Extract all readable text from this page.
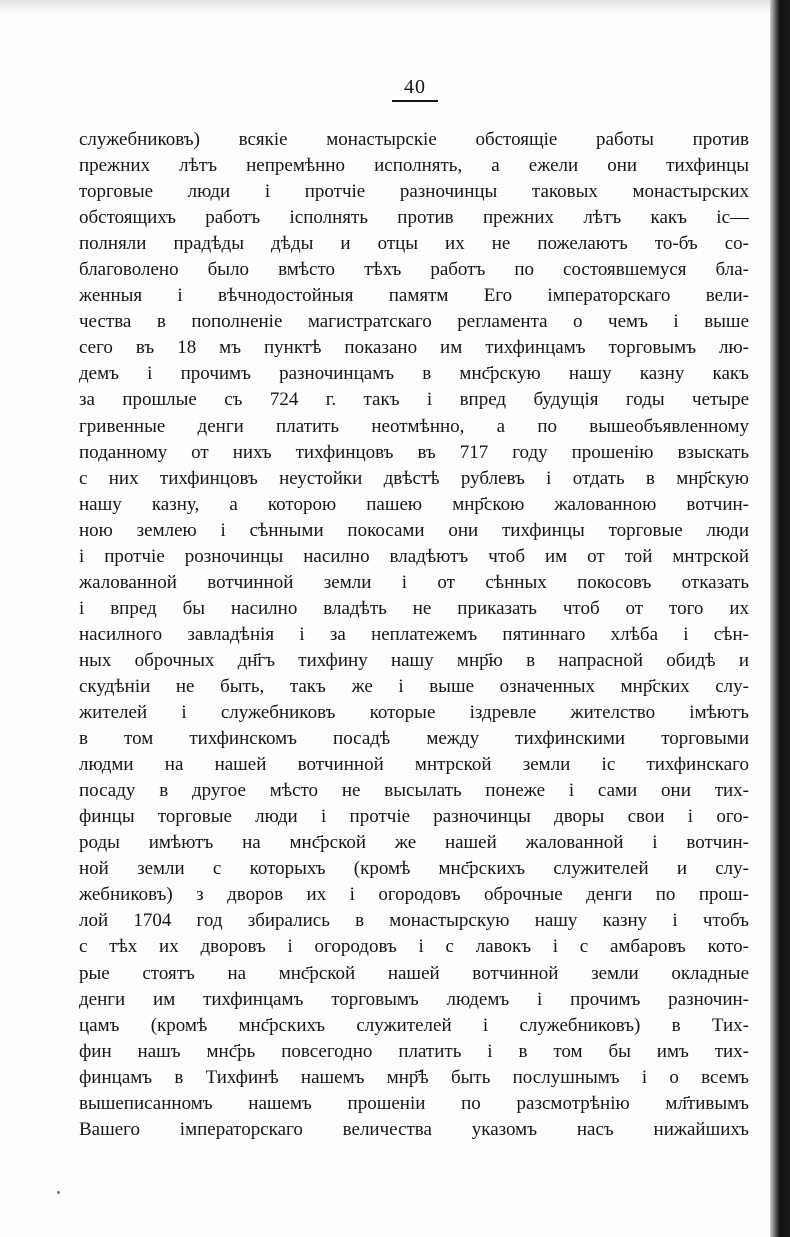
40
служебниковъ) всякіе монастырскіе обстоящіе работы против
прежних лѣтъ непремѣнно исполнять, а ежели они тихфинцы
торговые люди і протчіе разночинцы таковых монастырских
обстоящихъ работъ ісполнять против прежних лѣтъ какъ іс—
полняли прадѣды дѣды и отцы их не пожелаютъ то-бъ со-
благоволено было вмѣсто тѣхъ работъ по состоявшемуся бла-
женныя і вѣчнодостойныя памятм Его імператорскаго вели-
чества в пополненіе магистратскаго регламента о чемъ і выше
сего въ 18 мъ пунктѣ показано им тихфинцамъ торговымъ лю-
демъ і прочимъ разночинцамъ в мнс҃рскую нашу казну какъ
за прошлые съ 724 г. такъ і впред будущія годы четыре
гривенные денги платить неотмѣнно, а по вышеобъявленному
поданному от нихъ тихфинцовъ въ 717 году прошенію взыскать
с них тихфинцовъ неустойки двѣстѣ рублевъ і отдать в мнр҃скую
нашу казну, а которою пашею мнр҃скою жалованною вотчин-
ною землею і сѣнными покосами они тихфинцы торговые люди
і протчіе розночинцы насилно владѣютъ чтоб им от той мнтрской
жалованной вотчинной земли і от сѣнных покосовъ отказать
і впред бы насилно владѣть не приказать чтоб от того их
насилного завладѣнія і за неплатежемъ пятиннаго хлѣба і сѣн-
ных оброчных дн҃гъ тихфину нашу мнр҃ю в напрасной обидѣ и
скудѣніи не быть, такъ же і выше означенных мнр҃ских слу-
жителей і служебниковъ которые іздревле жителство імѣютъ
в том тихфинскомъ посадѣ между тихфинскими торговыми
людми на нашей вотчинной мнтрской земли іс тихфинскаго
посаду в другое мѣсто не высылать понеже і сами они тих-
финцы торговые люди і протчіе разночинцы дворы свои і ого-
роды имѣютъ на мнс҃рской же нашей жалованной і вотчин-
ной земли с которыхъ (кромѣ мнс҃рскихъ служителей и слу-
жебниковъ) з дворов их і огородовъ оброчные денги по прош-
лой 1704 год збирались в монастырскую нашу казну і чтобъ
с тѣх их дворовъ і огородовъ і с лавокъ і с амбаровъ кото-
рые стоятъ на мнс҃рской нашей вотчинной земли окладные
денги им тихфинцамъ торговымъ людемъ і прочимъ разночин-
цамъ (кромѣ мнс҃рскихъ служителей і служебниковъ) в Тих-
фин нашъ мнс҃рь повсегодно платить і в том бы имъ тих-
финцамъ в Тихфинѣ нашемъ мнр҃ѣ быть послушнымъ і о всемъ
вышеписанномъ нашемъ прошеніи по разсмотрѣнію мл҃тивымъ
Вашего імператорскаго величества указомъ насъ нижайшихъ
